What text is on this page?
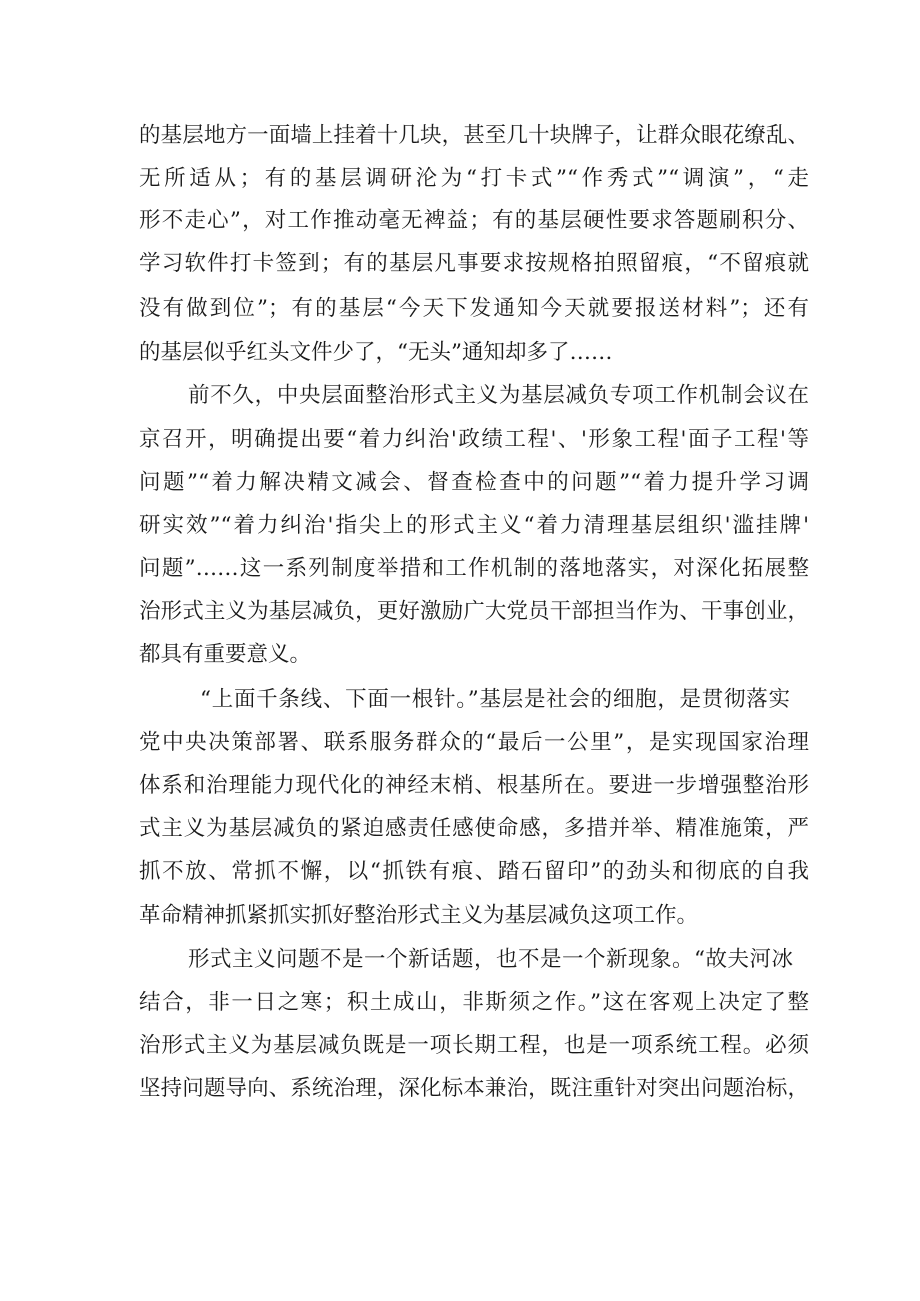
的基层地方一面墙上挂着十几块，甚至几十块牌子，让群众眼花缭乱、
无所适从；有的基层调研沦为“打卡式”“作秀式”“调演”，“走
形不走心”，对工作推动毫无裨益；有的基层硬性要求答题刷积分、
学习软件打卡签到；有的基层凡事要求按规格拍照留痕，“不留痕就
没有做到位”；有的基层“今天下发通知今天就要报送材料”；还有
的基层似乎红头文件少了，“无头”通知却多了……
前不久，中央层面整治形式主义为基层减负专项工作机制会议在
京召开，明确提出要“着力纠治'政绩工程'、'形象工程'面子工程'等
问题”“着力解决精文减会、督查检查中的问题”“着力提升学习调
研实效”“着力纠治'指尖上的形式主义“着力清理基层组织'滥挂牌'
问题”……这一系列制度举措和工作机制的落地落实，对深化拓展整
治形式主义为基层减负，更好激励广大党员干部担当作为、干事创业，
都具有重要意义。
“上面千条线、下面一根针。”基层是社会的细胞，是贯彻落实
党中央决策部署、联系服务群众的“最后一公里”，是实现国家治理
体系和治理能力现代化的神经末梢、根基所在。要进一步增强整治形
式主义为基层减负的紧迫感责任感使命感，多措并举、精准施策，严
抓不放、常抓不懈，以“抓铁有痕、踏石留印”的劲头和彻底的自我
革命精神抓紧抓实抓好整治形式主义为基层减负这项工作。
形式主义问题不是一个新话题，也不是一个新现象。“故夫河冰
结合，非一日之寒；积土成山，非斯须之作。”这在客观上决定了整
治形式主义为基层减负既是一项长期工程，也是一项系统工程。必须
坚持问题导向、系统治理，深化标本兼治，既注重针对突出问题治标，
